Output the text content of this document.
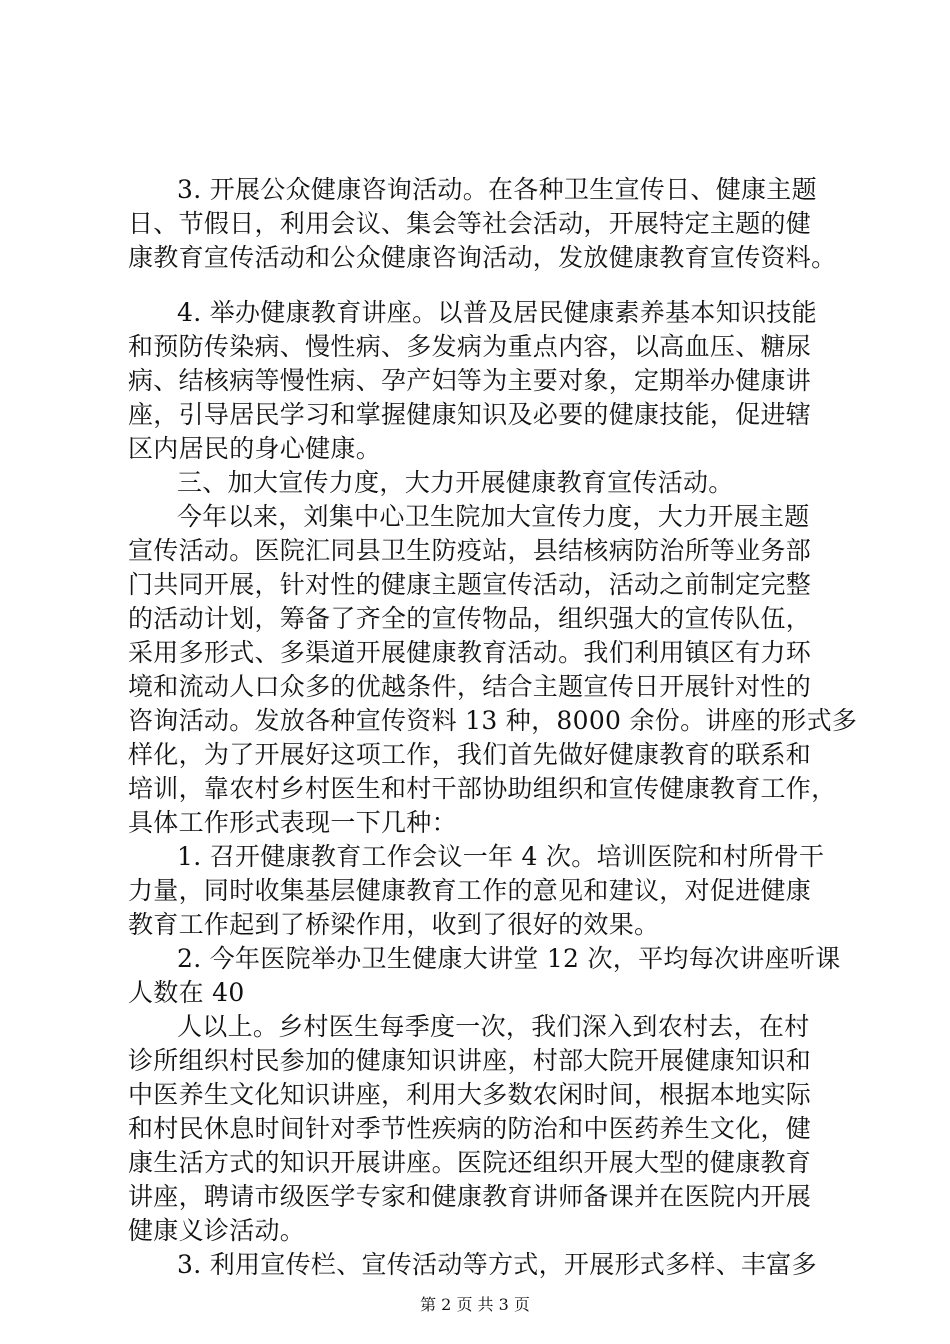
3. 开展公众健康咨询活动。在各种卫生宣传日、健康主题
日、节假日，利用会议、集会等社会活动，开展特定主题的健
康教育宣传活动和公众健康咨询活动，发放健康教育宣传资料。
4. 举办健康教育讲座。以普及居民健康素养基本知识技能
和预防传染病、慢性病、多发病为重点内容，以高血压、糖尿
病、结核病等慢性病、孕产妇等为主要对象，定期举办健康讲
座，引导居民学习和掌握健康知识及必要的健康技能，促进辖
区内居民的身心健康。
三、加大宣传力度，大力开展健康教育宣传活动。
今年以来，刘集中心卫生院加大宣传力度，大力开展主题
宣传活动。医院汇同县卫生防疫站，县结核病防治所等业务部
门共同开展，针对性的健康主题宣传活动，活动之前制定完整
的活动计划，筹备了齐全的宣传物品，组织强大的宣传队伍，
采用多形式、多渠道开展健康教育活动。我们利用镇区有力环
境和流动人口众多的优越条件，结合主题宣传日开展针对性的
咨询活动。发放各种宣传资料 13 种，8000 余份。讲座的形式多
样化，为了开展好这项工作，我们首先做好健康教育的联系和
培训，靠农村乡村医生和村干部协助组织和宣传健康教育工作，
具体工作形式表现一下几种：
1. 召开健康教育工作会议一年 4 次。培训医院和村所骨干
力量，同时收集基层健康教育工作的意见和建议，对促进健康
教育工作起到了桥梁作用，收到了很好的效果。
2. 今年医院举办卫生健康大讲堂 12 次，平均每次讲座听课
人数在 40
人以上。乡村医生每季度一次，我们深入到农村去，在村
诊所组织村民参加的健康知识讲座，村部大院开展健康知识和
中医养生文化知识讲座，利用大多数农闲时间，根据本地实际
和村民休息时间针对季节性疾病的防治和中医药养生文化，健
康生活方式的知识开展讲座。医院还组织开展大型的健康教育
讲座，聘请市级医学专家和健康教育讲师备课并在医院内开展
健康义诊活动。
3. 利用宣传栏、宣传活动等方式，开展形式多样、丰富多
第 2 页 共 3 页
